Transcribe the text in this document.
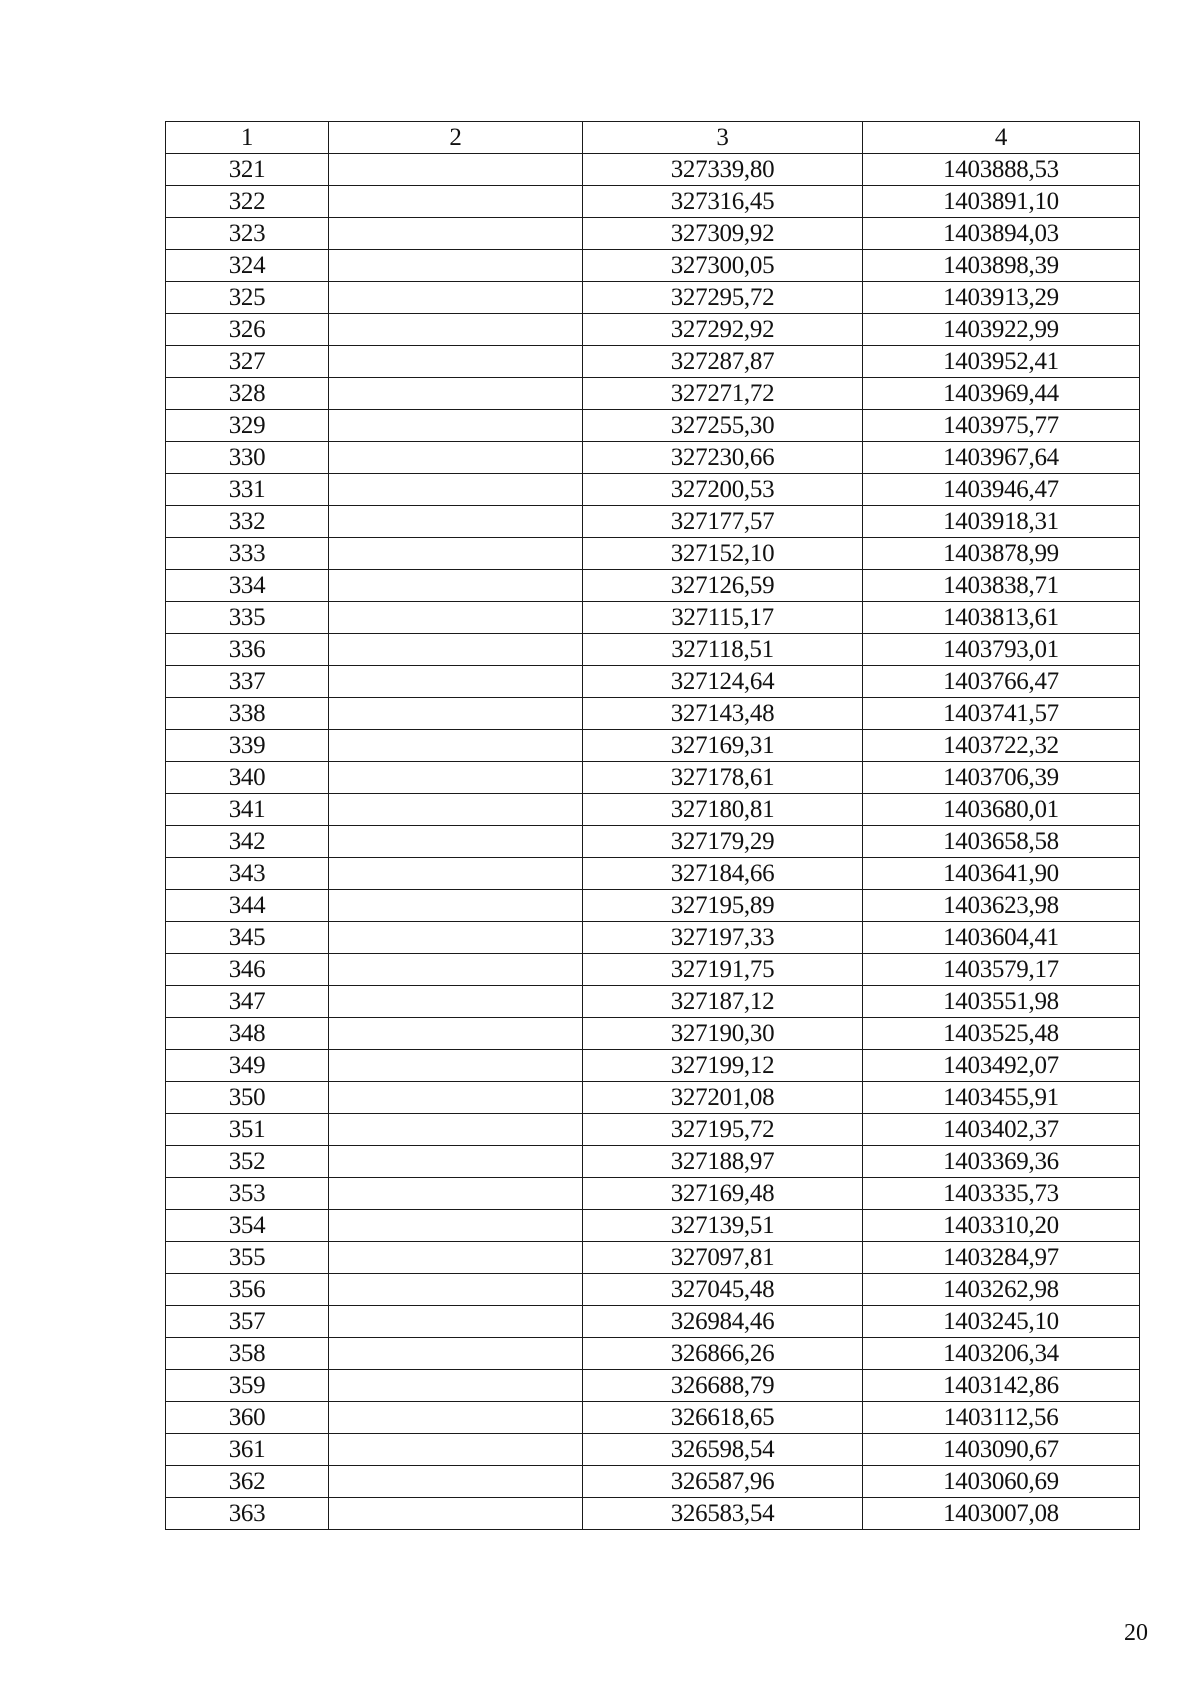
1	2	3	4
321		327339,80	1403888,53
322		327316,45	1403891,10
323		327309,92	1403894,03
324		327300,05	1403898,39
325		327295,72	1403913,29
326		327292,92	1403922,99
327		327287,87	1403952,41
328		327271,72	1403969,44
329		327255,30	1403975,77
330		327230,66	1403967,64
331		327200,53	1403946,47
332		327177,57	1403918,31
333		327152,10	1403878,99
334		327126,59	1403838,71
335		327115,17	1403813,61
336		327118,51	1403793,01
337		327124,64	1403766,47
338		327143,48	1403741,57
339		327169,31	1403722,32
340		327178,61	1403706,39
341		327180,81	1403680,01
342		327179,29	1403658,58
343		327184,66	1403641,90
344		327195,89	1403623,98
345		327197,33	1403604,41
346		327191,75	1403579,17
347		327187,12	1403551,98
348		327190,30	1403525,48
349		327199,12	1403492,07
350		327201,08	1403455,91
351		327195,72	1403402,37
352		327188,97	1403369,36
353		327169,48	1403335,73
354		327139,51	1403310,20
355		327097,81	1403284,97
356		327045,48	1403262,98
357		326984,46	1403245,10
358		326866,26	1403206,34
359		326688,79	1403142,86
360		326618,65	1403112,56
361		326598,54	1403090,67
362		326587,96	1403060,69
363		326583,54	1403007,08
20
